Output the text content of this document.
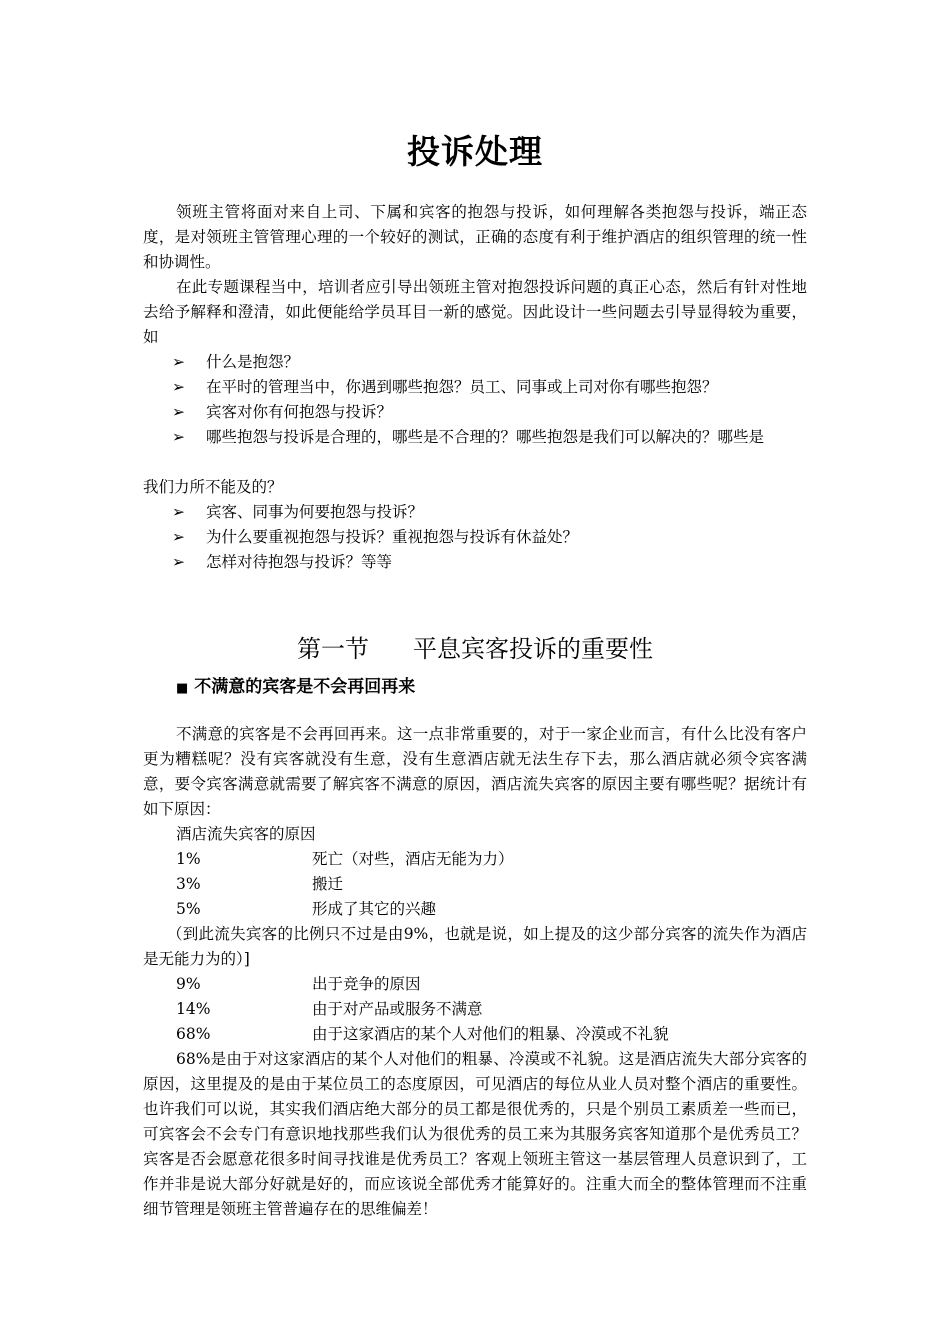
投诉处理

领班主管将面对来自上司、下属和宾客的抱怨与投诉，如何理解各类抱怨与投诉，端正态度，是对领班主管管理心理的一个较好的测试，正确的态度有利于维护酒店的组织管理的统一性和协调性。

在此专题课程当中，培训者应引导出领班主管对抱怨投诉问题的真正心态，然后有针对性地去给予解释和澄清，如此便能给学员耳目一新的感觉。因此设计一些问题去引导显得较为重要，如

➢	什么是抱怨？
➢	在平时的管理当中，你遇到哪些抱怨？员工、同事或上司对你有哪些抱怨？
➢	宾客对你有何抱怨与投诉？
➢	哪些抱怨与投诉是合理的，哪些是不合理的？哪些抱怨是我们可以解决的？哪些是
我们力所不能及的？
➢	宾客、同事为何要抱怨与投诉？
➢	为什么要重视抱怨与投诉？重视抱怨与投诉有休益处？
➢	怎样对待抱怨与投诉？等等
第一节 平息宾客投诉的重要性
■ 不满意的宾客是不会再回再来

不满意的宾客是不会再回再来。这一点非常重要的，对于一家企业而言，有什么比没有客户更为糟糕呢？没有宾客就没有生意，没有生意酒店就无法生存下去，那么酒店就必须令宾客满意，要令宾客满意就需要了解宾客不满意的原因，酒店流失宾客的原因主要有哪些呢？据统计有如下原因：

酒店流失宾客的原因
1%	死亡（对些，酒店无能为力）
3%	搬迁
5%	形成了其它的兴趣

（到此流失宾客的比例只不过是由9%，也就是说，如上提及的这少部分宾客的流失作为酒店是无能力为的）]

9%	出于竞争的原因
14%	由于对产品或服务不满意
68%	由于这家酒店的某个人对他们的粗暴、冷漠或不礼貌

68%是由于对这家酒店的某个人对他们的粗暴、冷漠或不礼貌。这是酒店流失大部分宾客的原因，这里提及的是由于某位员工的态度原因，可见酒店的每位从业人员对整个酒店的重要性。也许我们可以说，其实我们酒店绝大部分的员工都是很优秀的，只是个别员工素质差一些而已，可宾客会不会专门有意识地找那些我们认为很优秀的员工来为其服务宾客知道那个是优秀员工？宾客是否会愿意花很多时间寻找谁是优秀员工？客观上领班主管这一基层管理人员意识到了，工作并非是说大部分好就是好的，而应该说全部优秀才能算好的。注重大而全的整体管理而不注重细节管理是领班主管普遍存在的思维偏差！
